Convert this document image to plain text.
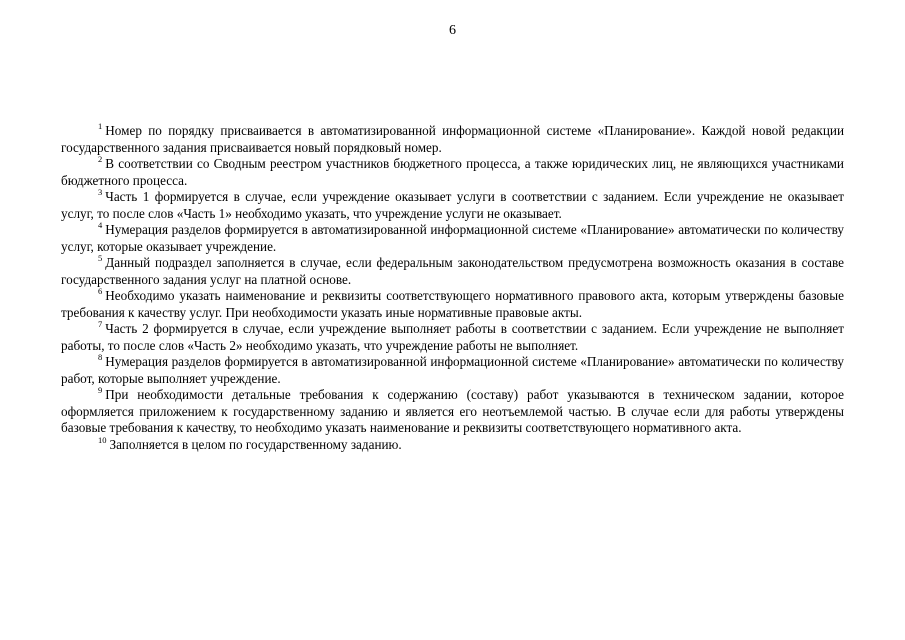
6

$^1$ Номер по порядку присваивается в автоматизированной информационной системе «Планирование». Каждой новой редакции государственного задания присваивается новый порядковый номер.

$^2$ В соответствии со Сводным реестром участников бюджетного процесса, а также юридических лиц, не являющихся участниками бюджетного процесса.

$^3$ Часть 1 формируется в случае, если учреждение оказывает услуги в соответствии с заданием. Если учреждение не оказывает услуг, то после слов «Часть 1» необходимо указать, что учреждение услуги не оказывает.

$^4$ Нумерация разделов формируется в автоматизированной информационной системе «Планирование» автоматически по количеству услуг, которые оказывает учреждение.

$^5$ Данный подраздел заполняется в случае, если федеральным законодательством предусмотрена возможность оказания в составе государственного задания услуг на платной основе.

$^6$ Необходимо указать наименование и реквизиты соответствующего нормативного правового акта, которым утверждены базовые требования к качеству услуг. При необходимости указать иные нормативные правовые акты.

$^7$ Часть 2 формируется в случае, если учреждение выполняет работы в соответствии с заданием. Если учреждение не выполняет работы, то после слов «Часть 2» необходимо указать, что учреждение работы не выполняет.

$^8$ Нумерация разделов формируется в автоматизированной информационной системе «Планирование» автоматически по количеству работ, которые выполняет учреждение.

$^9$ При необходимости детальные требования к содержанию (составу) работ указываются в техническом задании, которое оформляется приложением к государственному заданию и является его неотъемлемой частью. В случае если для работы утверждены базовые требования к качеству, то необходимо указать наименование и реквизиты соответствующего нормативного акта.

$^{10}$ Заполняется в целом по государственному заданию.
